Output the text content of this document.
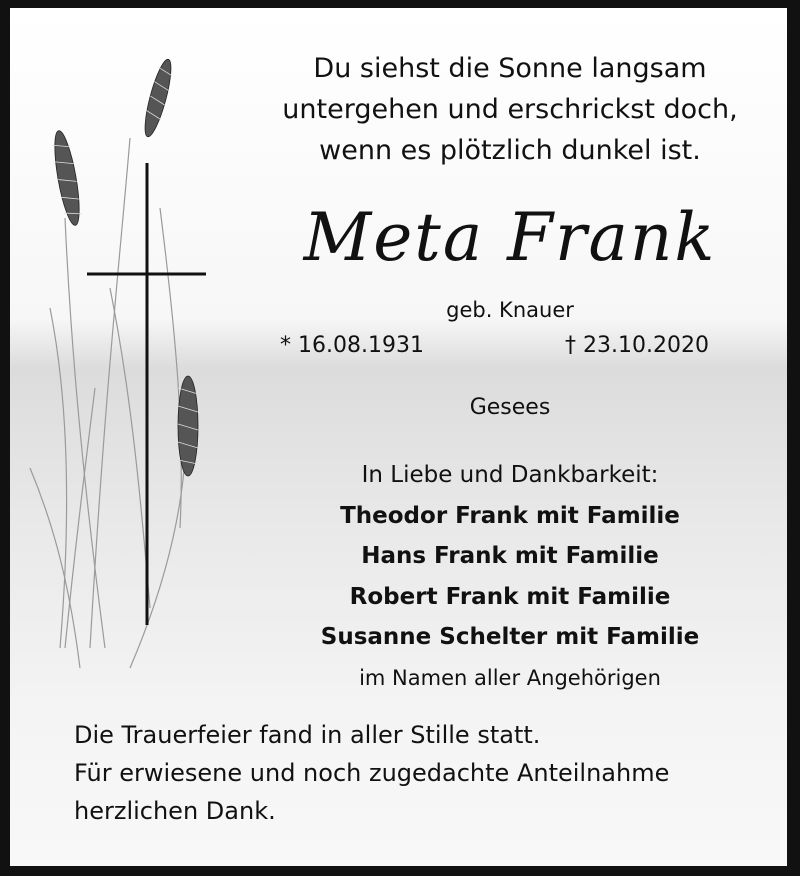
Du siehst die Sonne langsam
untergehen und erschrickst doch,
wenn es plötzlich dunkel ist.
Meta Frank
geb. Knauer
* 16.08.1931	† 23.10.2020
Gesees
In Liebe und Dankbarkeit:
Theodor Frank mit Familie
Hans Frank mit Familie
Robert Frank mit Familie
Susanne Schelter mit Familie
im Namen aller Angehörigen
Die Trauerfeier fand in aller Stille statt.
Für erwiesene und noch zugedachte Anteilnahme
herzlichen Dank.
